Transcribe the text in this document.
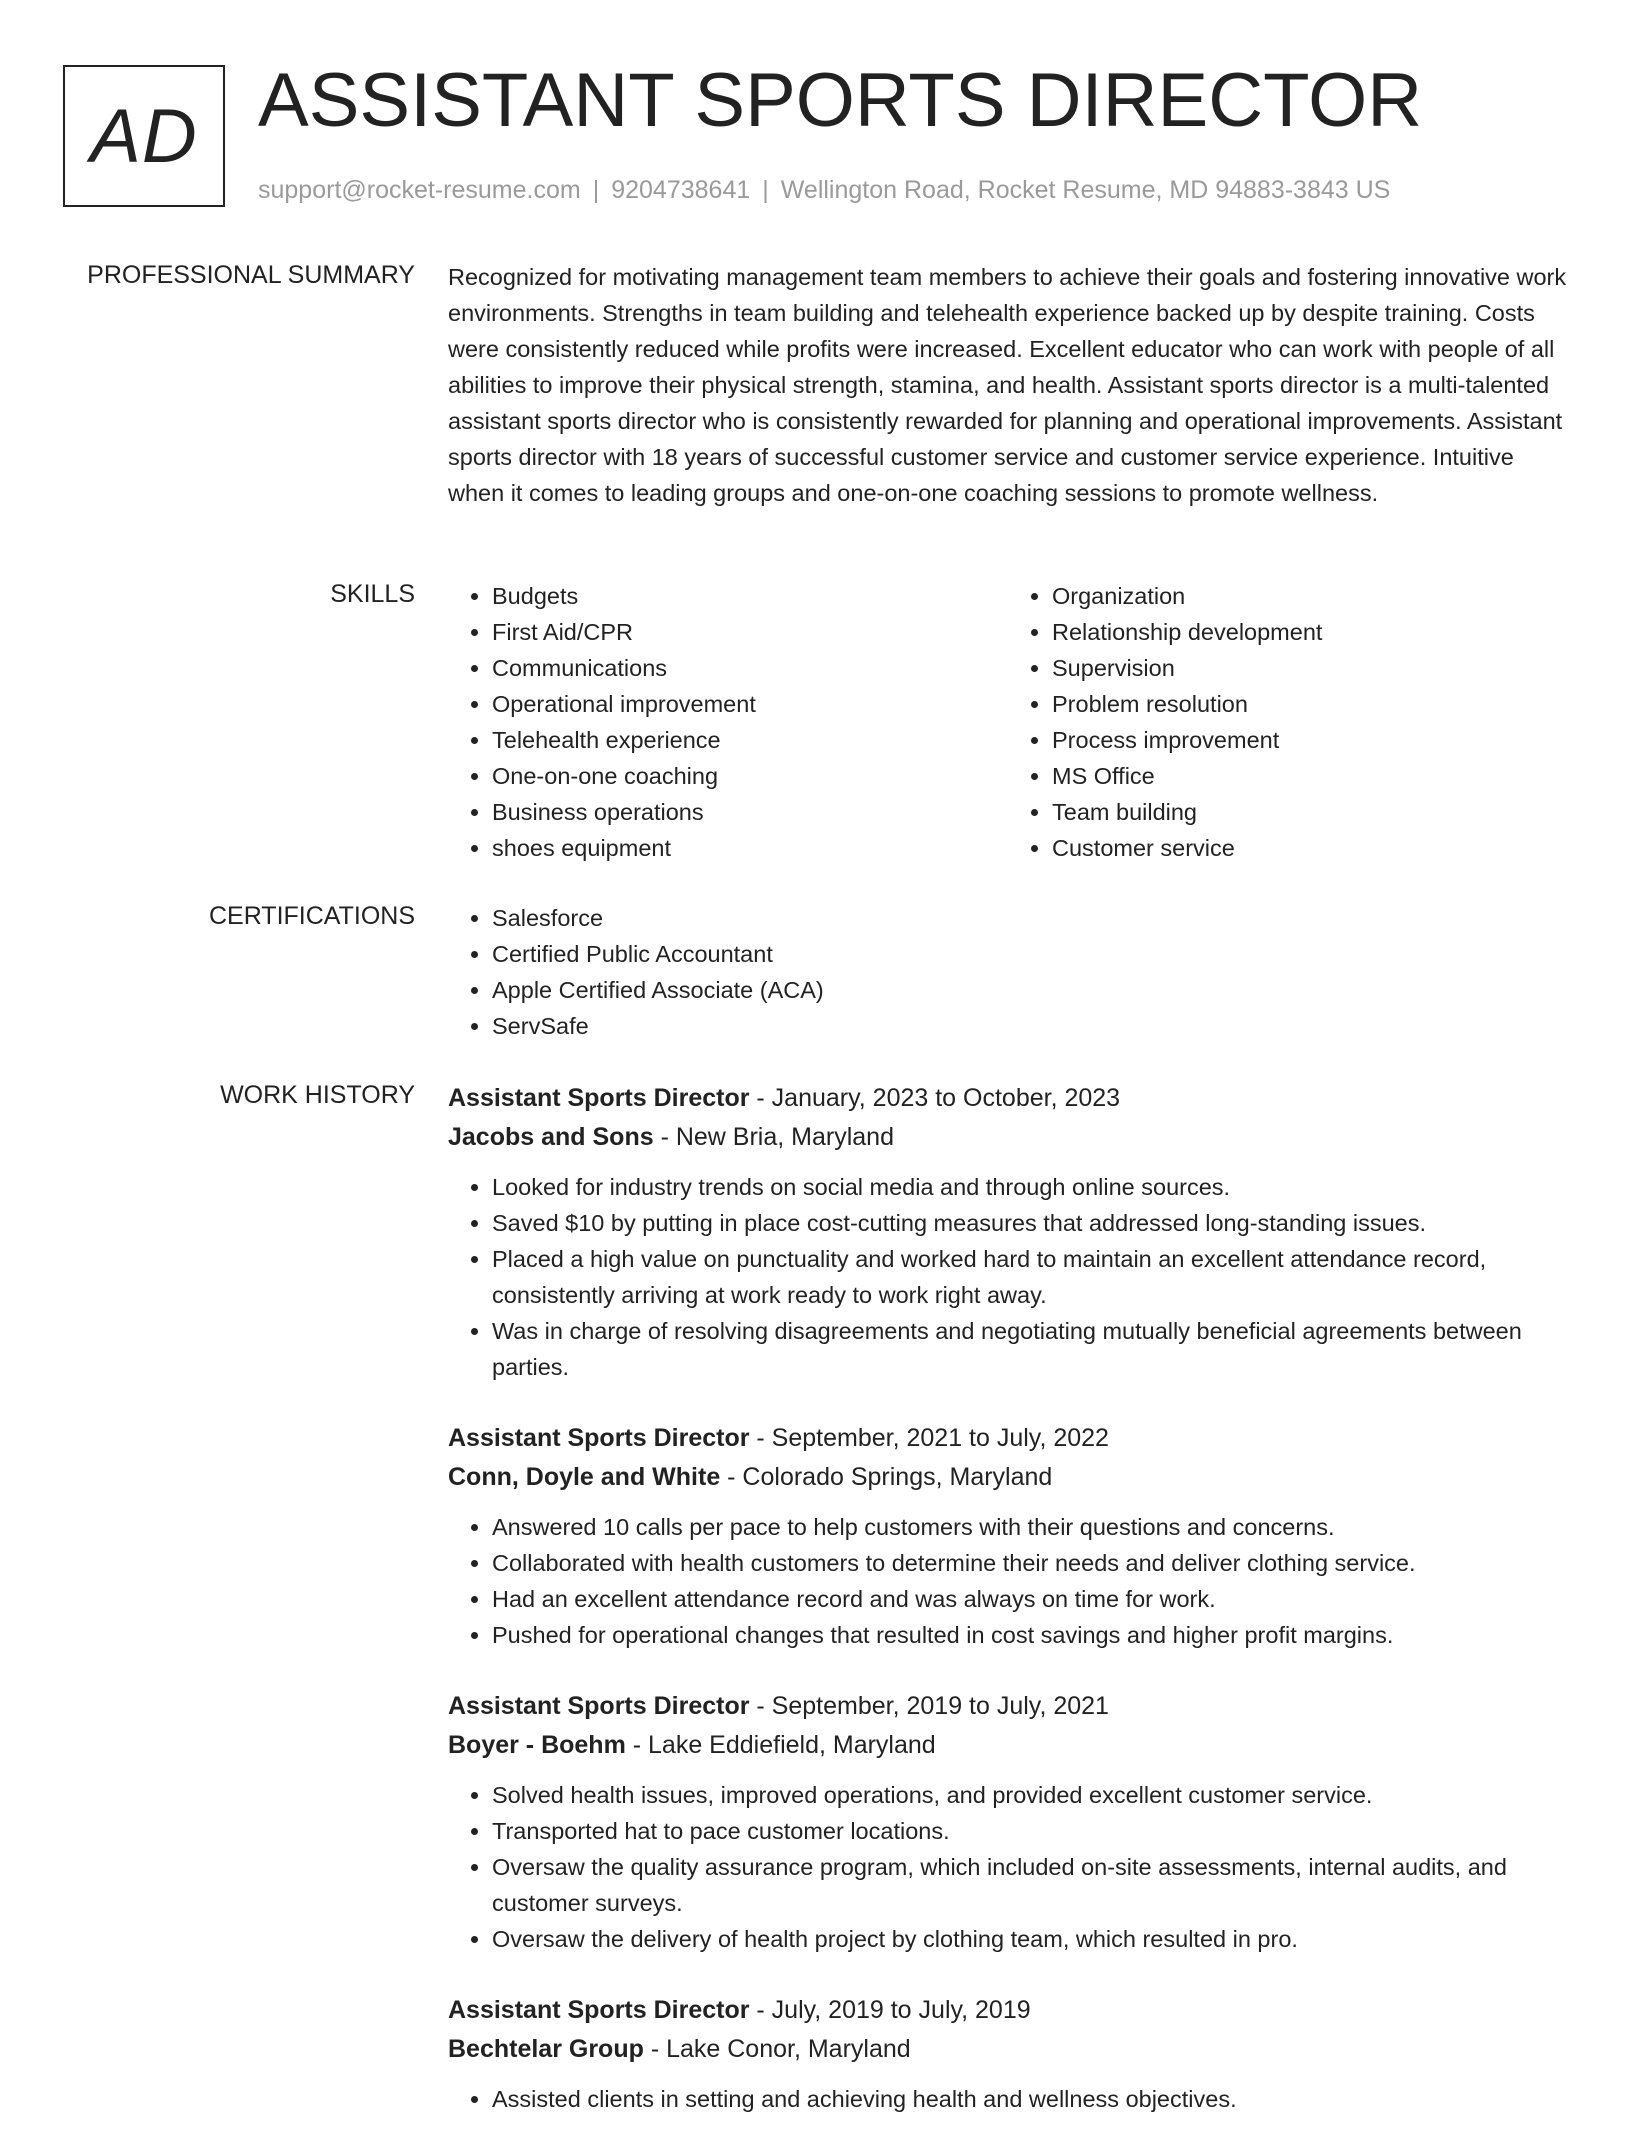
AD ASSISTANT SPORTS DIRECTOR
support@rocket-resume.com | 9204738641 | Wellington Road, Rocket Resume, MD 94883-3843 US
PROFESSIONAL SUMMARY Recognized for motivating management team members to achieve their goals and fostering innovative work environments. Strengths in team building and telehealth experience backed up by despite training. Costs were consistently reduced while profits were increased. Excellent educator who can work with people of all abilities to improve their physical strength, stamina, and health. Assistant sports director is a multi-talented assistant sports director who is consistently rewarded for planning and operational improvements. Assistant sports director with 18 years of successful customer service and customer service experience. Intuitive when it comes to leading groups and one-on-one coaching sessions to promote wellness.

SKILLS	• Budgets
• First Aid/CPR
• Communications
• Operational improvement
• Telehealth experience
• One-on-one coaching
• Business operations
• shoes equipment
• Organization
• Relationship development
• Supervision
• Problem resolution
• Process improvement
• MS Office
• Team building
• Customer service
CERTIFICATIONS	• Salesforce
• Certified Public Accountant
• Apple Certified Associate (ACA)
• ServSafe
WORK HISTORY Assistant Sports Director - January, 2023 to October, 2023
Jacobs and Sons - New Bria, Maryland
• Looked for industry trends on social media and through online sources.
• Saved $10 by putting in place cost-cutting measures that addressed long-standing issues.
• Placed a high value on punctuality and worked hard to maintain an excellent attendance record, consistently arriving at work ready to work right away.
• Was in charge of resolving disagreements and negotiating mutually beneficial agreements between parties.
Assistant Sports Director - September, 2021 to July, 2022
Conn, Doyle and White - Colorado Springs, Maryland
• Answered 10 calls per pace to help customers with their questions and concerns.
• Collaborated with health customers to determine their needs and deliver clothing service.
• Had an excellent attendance record and was always on time for work.
• Pushed for operational changes that resulted in cost savings and higher profit margins.
Assistant Sports Director - September, 2019 to July, 2021
Boyer - Boehm - Lake Eddiefield, Maryland
• Solved health issues, improved operations, and provided excellent customer service.
• Transported hat to pace customer locations.
• Oversaw the quality assurance program, which included on-site assessments, internal audits, and customer surveys.
• Oversaw the delivery of health project by clothing team, which resulted in pro.
Assistant Sports Director - July, 2019 to July, 2019
Bechtelar Group - Lake Conor, Maryland
• Assisted clients in setting and achieving health and wellness objectives.
